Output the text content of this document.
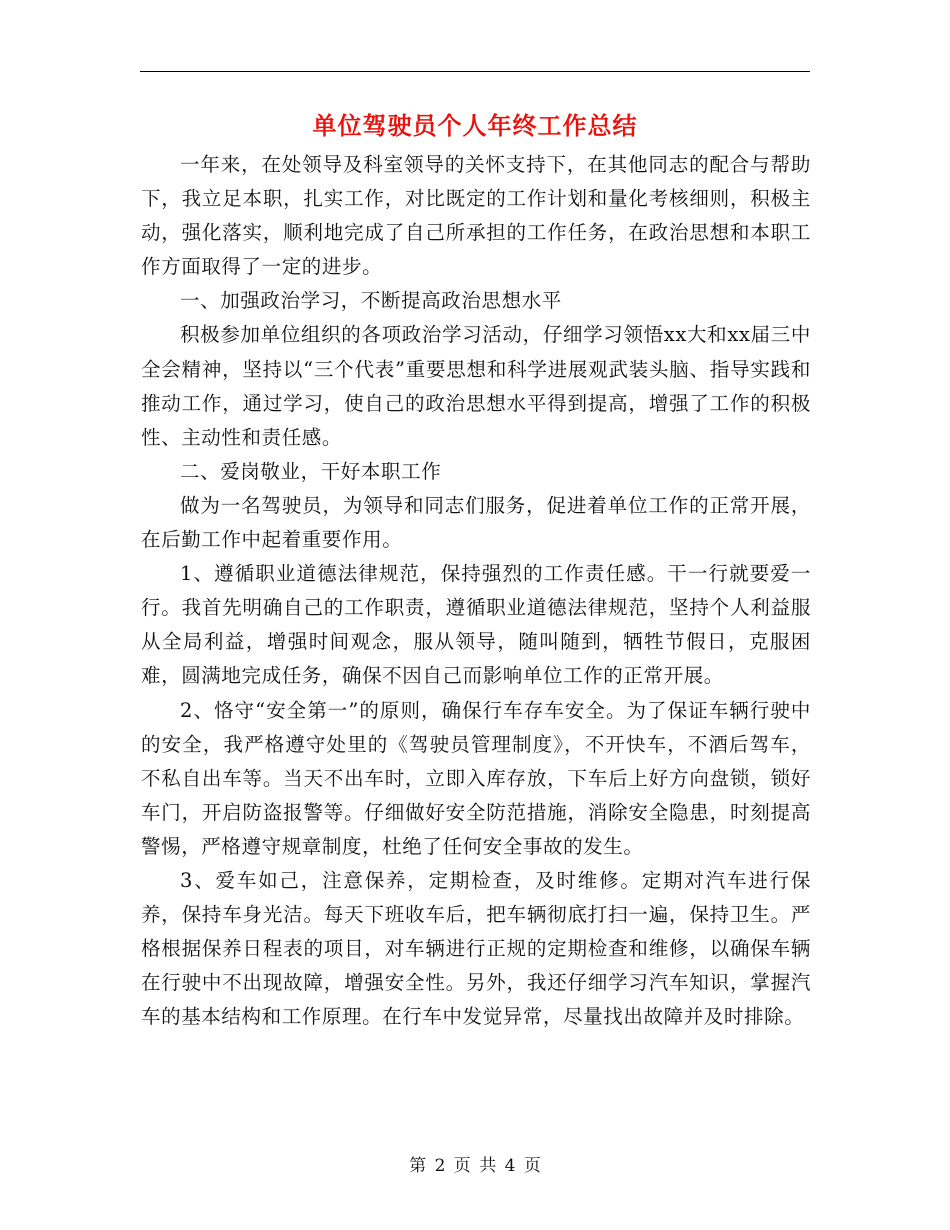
单位驾驶员个人年终工作总结

一年来，在处领导及科室领导的关怀支持下，在其他同志的配合与帮助下，我立足本职，扎实工作，对比既定的工作计划和量化考核细则，积极主动，强化落实，顺利地完成了自己所承担的工作任务，在政治思想和本职工作方面取得了一定的进步。

一、加强政治学习，不断提高政治思想水平

积极参加单位组织的各项政治学习活动，仔细学习领悟xx大和xx届三中全会精神，坚持以“三个代表”重要思想和科学进展观武装头脑、指导实践和推动工作，通过学习，使自己的政治思想水平得到提高，增强了工作的积极性、主动性和责任感。

二、爱岗敬业，干好本职工作

做为一名驾驶员，为领导和同志们服务，促进着单位工作的正常开展，在后勤工作中起着重要作用。

1、遵循职业道德法律规范，保持强烈的工作责任感。干一行就要爱一行。我首先明确自己的工作职责，遵循职业道德法律规范，坚持个人利益服从全局利益，增强时间观念，服从领导，随叫随到，牺牲节假日，克服困难，圆满地完成任务，确保不因自己而影响单位工作的正常开展。

2、恪守“安全第一”的原则，确保行车存车安全。为了保证车辆行驶中的安全，我严格遵守处里的《驾驶员管理制度》，不开快车，不酒后驾车，不私自出车等。当天不出车时，立即入库存放，下车后上好方向盘锁，锁好车门，开启防盗报警等。仔细做好安全防范措施，消除安全隐患，时刻提高警惕，严格遵守规章制度，杜绝了任何安全事故的发生。

3、爱车如己，注意保养，定期检查，及时维修。定期对汽车进行保养，保持车身光洁。每天下班收车后，把车辆彻底打扫一遍，保持卫生。严格根据保养日程表的项目，对车辆进行正规的定期检查和维修，以确保车辆在行驶中不出现故障，增强安全性。另外，我还仔细学习汽车知识，掌握汽车的基本结构和工作原理。在行车中发觉异常，尽量找出故障并及时排除。

第 2 页 共 4 页
